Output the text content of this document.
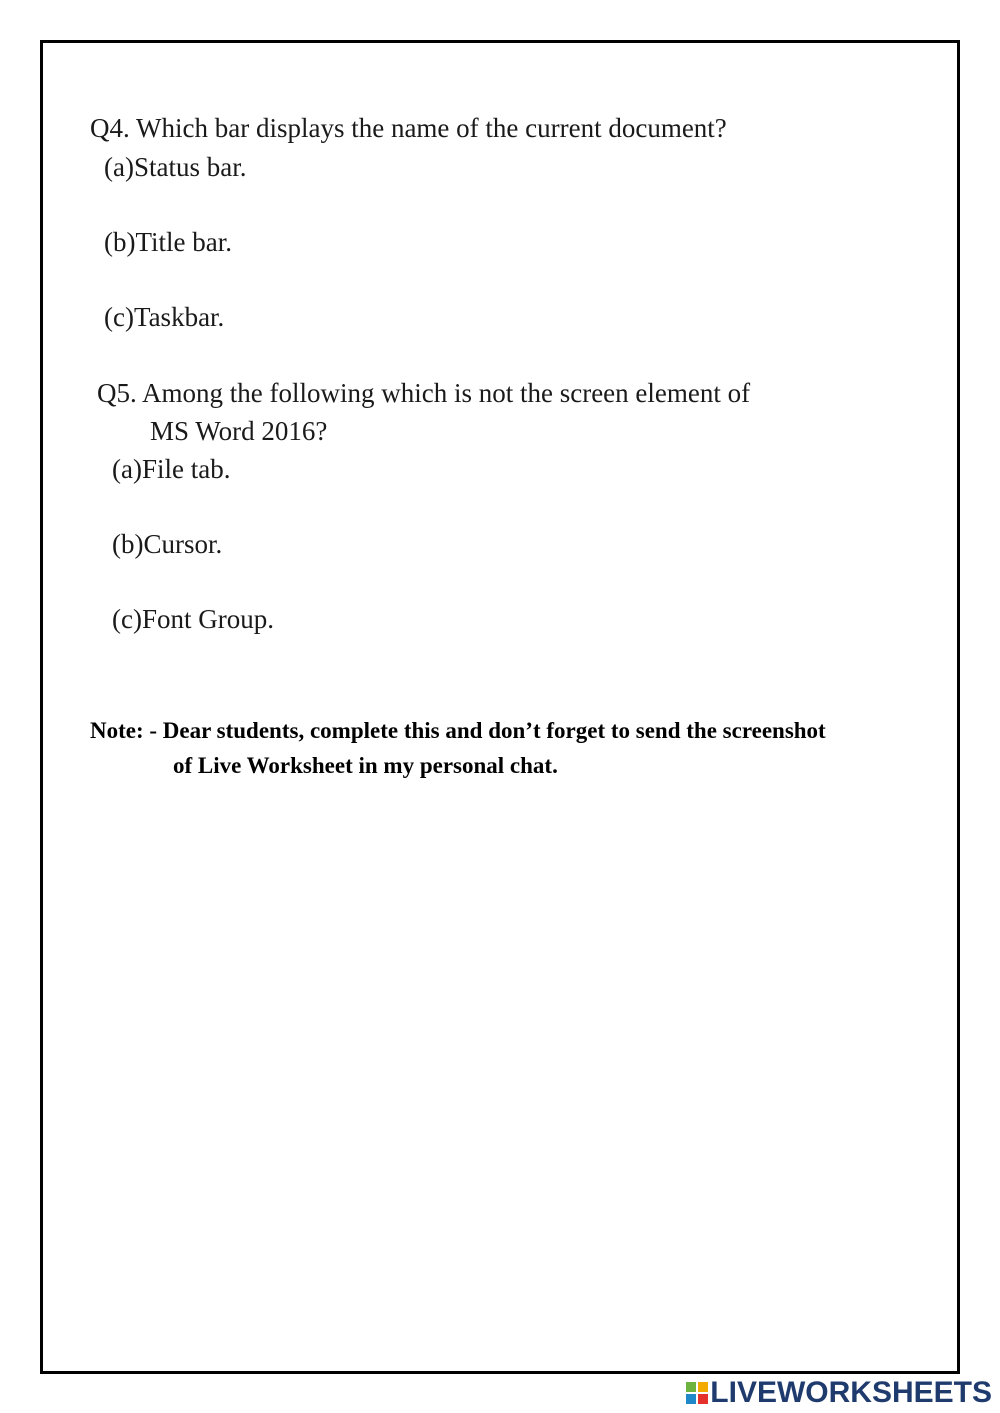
Q4. Which bar displays the name of the current document?
(a)Status bar.
(b)Title bar.
(c)Taskbar.
Q5. Among the following which is not the screen element of
MS Word 2016?
(a)File tab.
(b)Cursor.
(c)Font Group.
Note: - Dear students, complete this and don’t forget to send the screenshot
of Live Worksheet in my personal chat.
LIVEWORKSHEETS
